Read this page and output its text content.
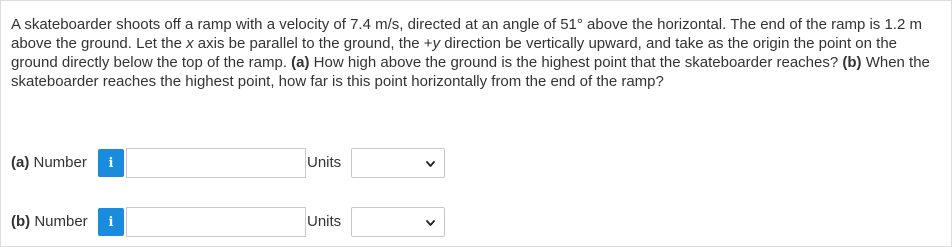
A skateboarder shoots off a ramp with a velocity of 7.4 m/s, directed at an angle of 51° above the horizontal. The end of the ramp is 1.2 m above the ground. Let the x axis be parallel to the ground, the +y direction be vertically upward, and take as the origin the point on the ground directly below the top of the ramp. (a) How high above the ground is the highest point that the skateboarder reaches? (b) When the skateboarder reaches the highest point, how far is this point horizontally from the end of the ramp?

(a) Number i	Units
(b) Number i	Units
